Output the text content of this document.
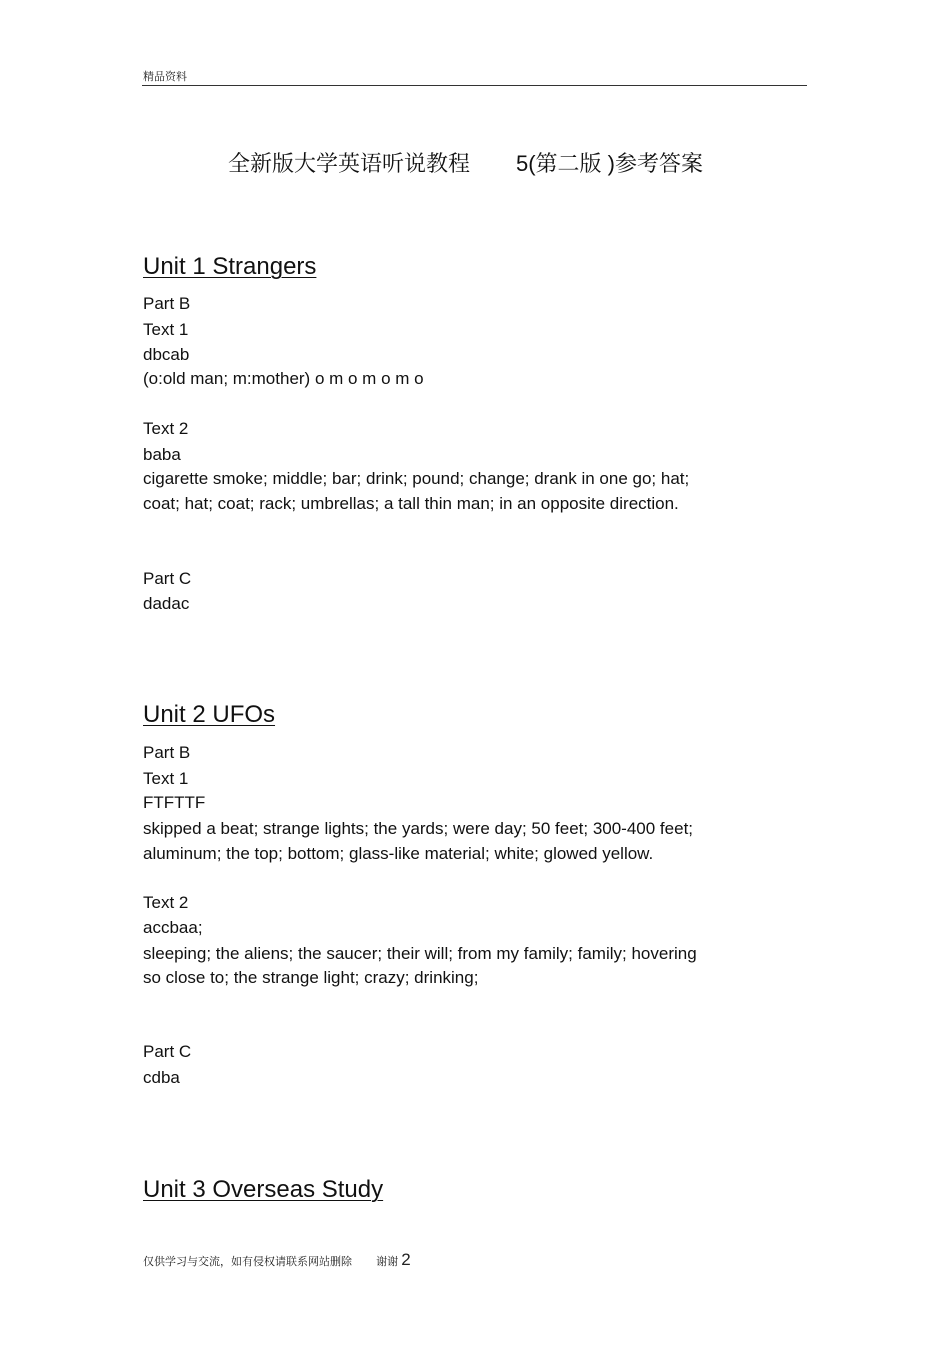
精品资料
全新版大学英语听说教程 5(第二版 )参考答案
Unit 1 Strangers
Part B
Text 1
dbcab
(o:old man; m:mother) o m o m o m o
Text 2
baba
cigarette smoke; middle; bar; drink; pound; change; drank in one go; hat;
coat; hat; coat; rack; umbrellas; a tall thin man; in an opposite direction.
Part C
dadac
Unit 2 UFOs
Part B
Text 1
FTFTTF
skipped a beat; strange lights; the yards; were day; 50 feet; 300-400 feet;
aluminum; the top; bottom; glass-like material; white; glowed yellow.
Text 2
accbaa;
sleeping; the aliens; the saucer; their will; from my family; family; hovering
so close to; the strange light; crazy; drinking;
Part C
cdba
Unit 3 Overseas Study
仅供学习与交流，如有侵权请联系网站删除 谢谢 2
